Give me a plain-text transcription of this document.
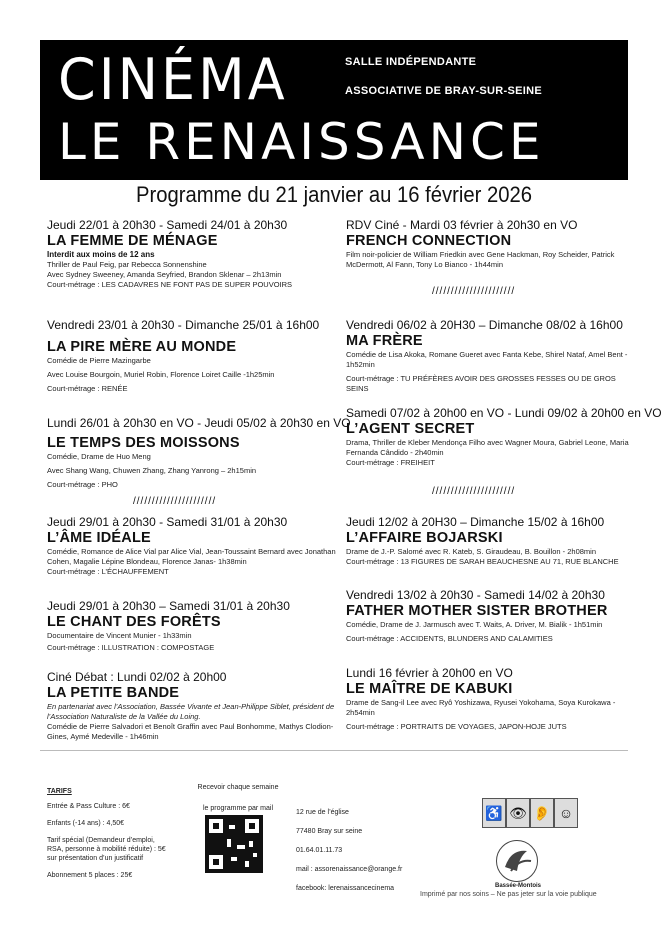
CINÉMA
LE RENAISSANCE
SALLE INDÉPENDANTE
ASSOCIATIVE DE BRAY-SUR-SEINE
Programme du 21 janvier au 16 février 2026
Jeudi 22/01 à 20h30 - Samedi 24/01 à 20h30
LA FEMME DE MÉNAGE
Interdit aux moins de 12 ans
Thriller de Paul Feig, par Rebecca Sonnenshine
Avec Sydney Sweeney, Amanda Seyfried, Brandon Sklenar – 2h13min
Court-métrage : LES CADAVRES NE FONT PAS DE SUPER POUVOIRS
Vendredi 23/01 à 20h30 - Dimanche 25/01 à 16h00
LA PIRE MÈRE AU MONDE
Comédie de Pierre Mazingarbe
Avec Louise Bourgoin, Muriel Robin, Florence Loiret Caille -1h25min
Court-métrage : RENÉE
Lundi 26/01 à 20h30 en VO - Jeudi 05/02 à 20h30 en VO
LE TEMPS DES MOISSONS
Comédie, Drame de Huo Meng
Avec Shang Wang, Chuwen Zhang, Zhang Yanrong – 2h15min
Court-métrage : PHO
//////////////////////
Jeudi 29/01 à 20h30 - Samedi 31/01 à 20h30
L’ÂME IDÉALE
Comédie, Romance de Alice Vial par Alice Vial, Jean-Toussaint Bernard avec Jonathan Cohen, Magalie Lépine Blondeau, Florence Janas- 1h38min
Court-métrage : L’ÉCHAUFFEMENT
Jeudi 29/01 à 20h30 – Samedi 31/01 à 20h30
LE CHANT DES FORÊTS
Documentaire de Vincent Munier - 1h33min
Court-métrage : ILLUSTRATION : COMPOSTAGE
Ciné Débat : Lundi 02/02 à 20h00
LA PETITE BANDE
En partenariat avec l’Association, Bassée Vivante et Jean-Philippe Siblet, président de l’Association Naturaliste de la Vallée du Loing.
Comédie de Pierre Salvadori et Benoît Graffin avec Paul Bonhomme, Mathys Clodion-Gines, Aymé Medeville - 1h46min
RDV Ciné - Mardi 03 février à 20h30 en VO
FRENCH CONNECTION
Film noir-policier de William Friedkin avec Gene Hackman, Roy Scheider, Patrick McDermott, Al Fann, Tony Lo Bianco - 1h44min
//////////////////////
Vendredi 06/02 à 20H30 – Dimanche 08/02 à 16h00
MA FRÈRE
Comédie de Lisa Akoka, Romane Gueret avec Fanta Kebe, Shirel Nataf, Amel Bent - 1h52min
Court-métrage : TU PRÉFÈRES AVOIR DES GROSSES FESSES OU DE GROS SEINS
Samedi 07/02 à 20h00 en VO - Lundi 09/02 à 20h00 en VO
L’AGENT SECRET
Drama, Thriller de Kleber Mendonça Filho avec Wagner Moura, Gabriel Leone, Maria Fernanda Cândido - 2h40min
Court-métrage : FREIHEIT
//////////////////////
Jeudi 12/02 à 20H30 – Dimanche 15/02 à 16h00
L’AFFAIRE BOJARSKI
Drame de J.-P. Salomé avec R. Kateb, S. Giraudeau, B. Bouillon - 2h08min
Court-métrage : 13 FIGURES DE SARAH BEAUCHESNE AU 71, RUE BLANCHE
Vendredi 13/02 à 20h30 - Samedi 14/02 à 20h30
FATHER MOTHER SISTER BROTHER
Comédie, Drame de J. Jarmusch avec T. Waits, A. Driver, M. Bialik - 1h51min
Court-métrage : ACCIDENTS, BLUNDERS AND CALAMITIES
Lundi 16 février à 20h00 en VO
LE MAÎTRE DE KABUKI
Drame de Sang-il Lee avec Ryô Yoshizawa, Ryusei Yokohama, Soya Kurokawa - 2h54min
Court-métrage : PORTRAITS DE VOYAGES, JAPON-HOJE JUTS
TARIFS
Entrée & Pass Culture : 6€
Enfants (-14 ans) : 4,50€
Tarif spécial (Demandeur d’emploi, RSA, personne à mobilité réduite) : 5€ sur présentation d’un justificatif
Abonnement 5 places : 25€
Recevoir chaque semaine
le programme par mail
12 rue de l’église
77480 Bray sur seine
01.64.01.11.73
mail : assorenaissance@orange.fr
facebook: lerenaissancecinema
♿ 👁 👂 ☺
Bassée-Montois
Imprimé par nos soins – Ne pas jeter sur la voie publique
